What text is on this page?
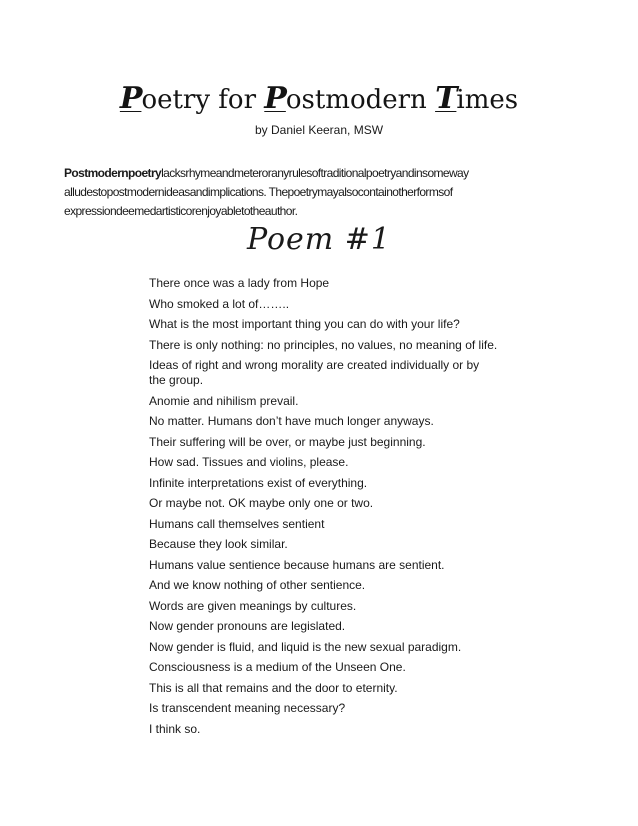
Poetry for Postmodern Times
by Daniel Keeran, MSW
Postmodernpoetrylacksrhymeandmeteroranyrulesoftraditionalpoetryandinsomeway
alludestopostmodernideasandimplications. Thepoetrymayalsocontainotherformsof
expressiondeemedartisticorenjoyabletotheauthor.
Poem #1
There once was a lady from Hope
Who smoked a lot of……..
What is the most important thing you can do with your life?
There is only nothing: no principles, no values, no meaning of life.
Ideas of right and wrong morality are created individually or by the group.
Anomie and nihilism prevail.
No matter. Humans don’t have much longer anyways.
Their suffering will be over, or maybe just beginning.
How sad. Tissues and violins, please.
Infinite interpretations exist of everything.
Or maybe not. OK maybe only one or two.
Humans call themselves sentient
Because they look similar.
Humans value sentience because humans are sentient.
And we know nothing of other sentience.
Words are given meanings by cultures.
Now gender pronouns are legislated.
Now gender is fluid, and liquid is the new sexual paradigm.
Consciousness is a medium of the Unseen One.
This is all that remains and the door to eternity.
Is transcendent meaning necessary?
I think so.
